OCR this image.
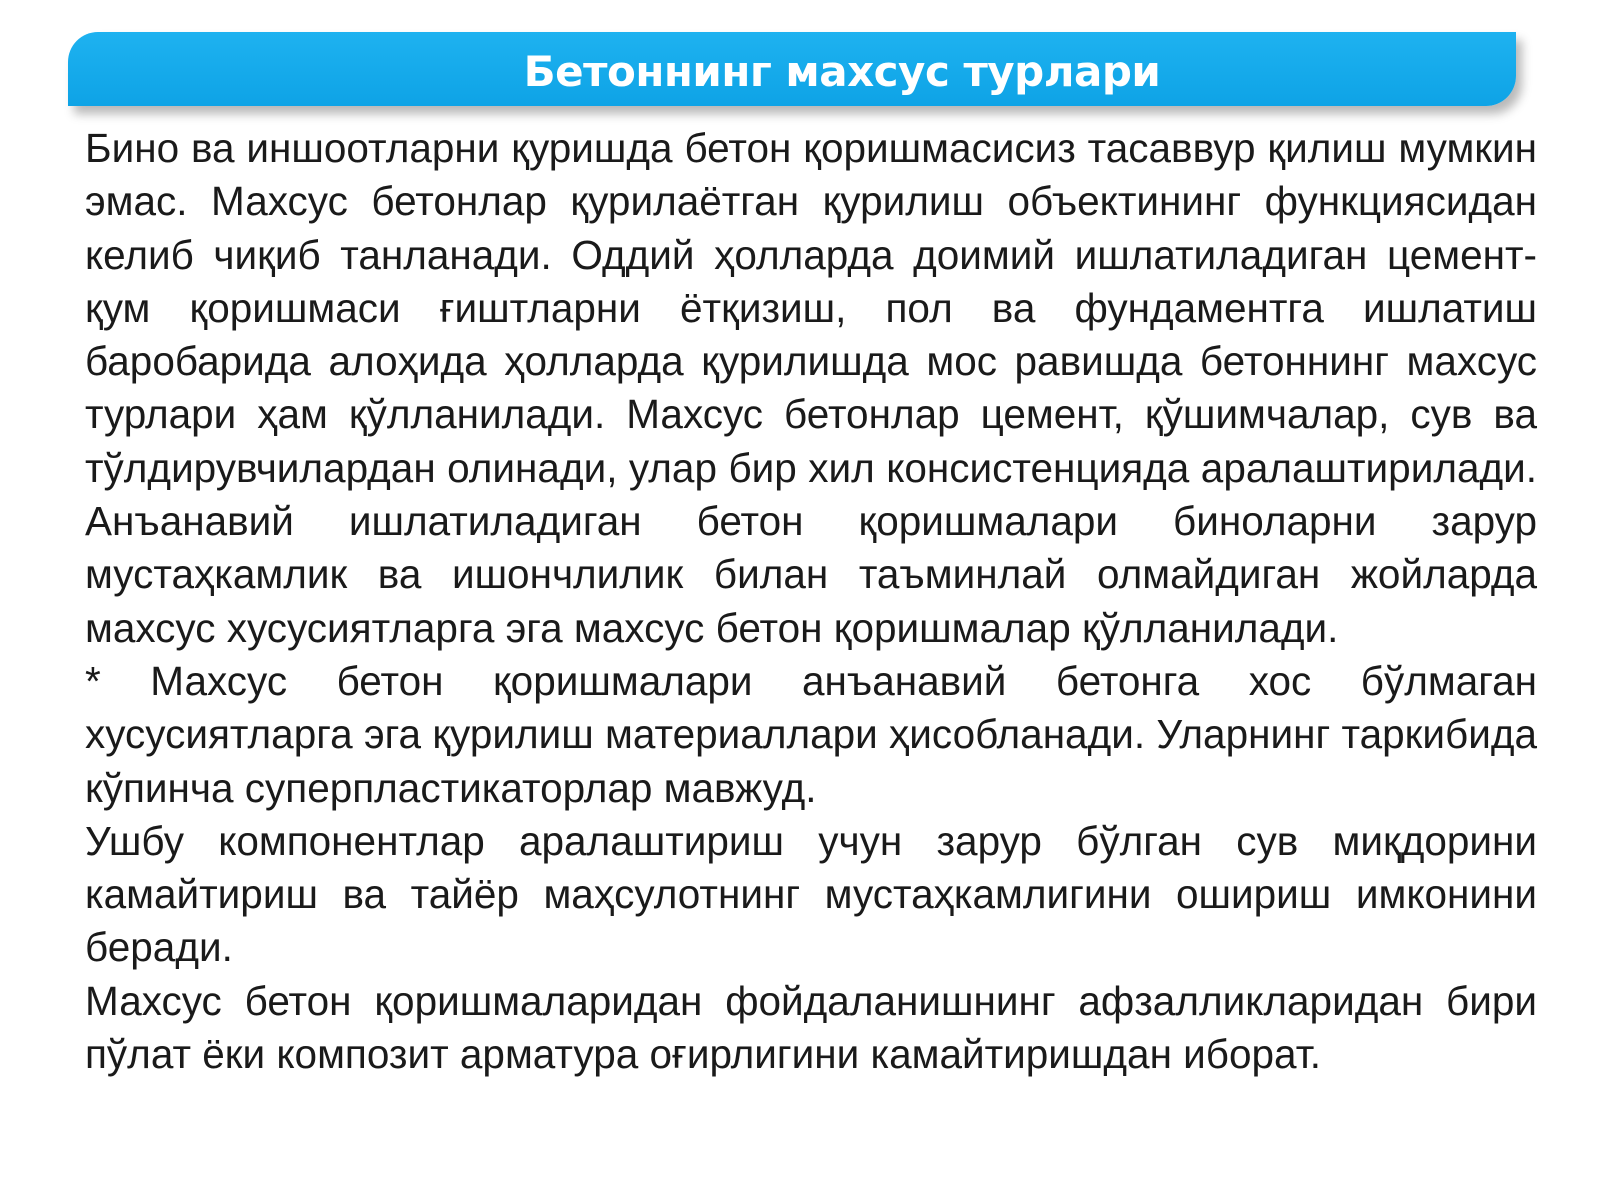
Бетоннинг махсус турлари

Бино ва иншоотларни қуришда бетон қоришмасисиз тасаввур қилиш мумкин эмас. Махсус бетонлар қурилаётган қурилиш объектининг функциясидан келиб чиқиб танланади. Оддий ҳолларда доимий ишлатиладиган цемент-қум қоришмаси ғиштларни ётқизиш, пол ва фундаментга ишлатиш баробарида алоҳида ҳолларда қурилишда мос равишда бетоннинг махсус турлари ҳам қўлланилади. Махсус бетонлар цемент, қўшимчалар, сув ва тўлдирувчилардан олинади, улар бир хил консистенцияда аралаштирилади. Анъанавий ишлатиладиган бетон қоришмалари биноларни зарур мустаҳкамлик ва ишончлилик билан таъминлай олмайдиган жойларда махсус хусусиятларга эга махсус бетон қоришмалар қўлланилади.

* Махсус бетон қоришмалари анъанавий бетонга хос бўлмаган хусусиятларга эга қурилиш материаллари ҳисобланади. Уларнинг таркибида кўпинча суперпластикаторлар мавжуд.

Ушбу компонентлар аралаштириш учун зарур бўлган сув миқдорини камайтириш ва тайёр маҳсулотнинг мустаҳкамлигини ошириш имконини беради.

Махсус бетон қоришмаларидан фойдаланишнинг афзалликларидан бири пўлат ёки композит арматура оғирлигини камайтиришдан иборат.
